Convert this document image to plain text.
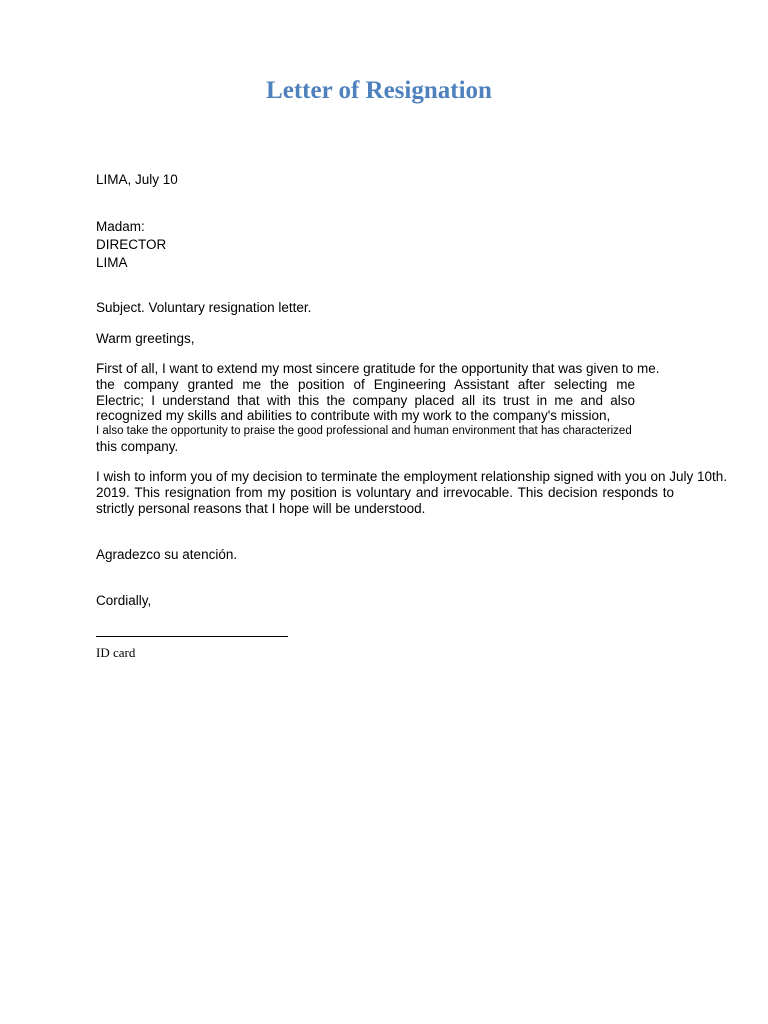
Letter of Resignation
LIMA, July 10
Madam:
DIRECTOR
LIMA
Subject. Voluntary resignation letter.
Warm greetings,
First of all, I want to extend my most sincere gratitude for the opportunity that was given to me.
the company granted me the position of Engineering Assistant after selecting me
Electric; I understand that with this the company placed all its trust in me and also
recognized my skills and abilities to contribute with my work to the company's mission,
I also take the opportunity to praise the good professional and human environment that has characterized
this company.
I wish to inform you of my decision to terminate the employment relationship signed with you on July 10th.
2019. This resignation from my position is voluntary and irrevocable. This decision responds to
strictly personal reasons that I hope will be understood.
Agradezco su atención.
Cordially,
ID card
